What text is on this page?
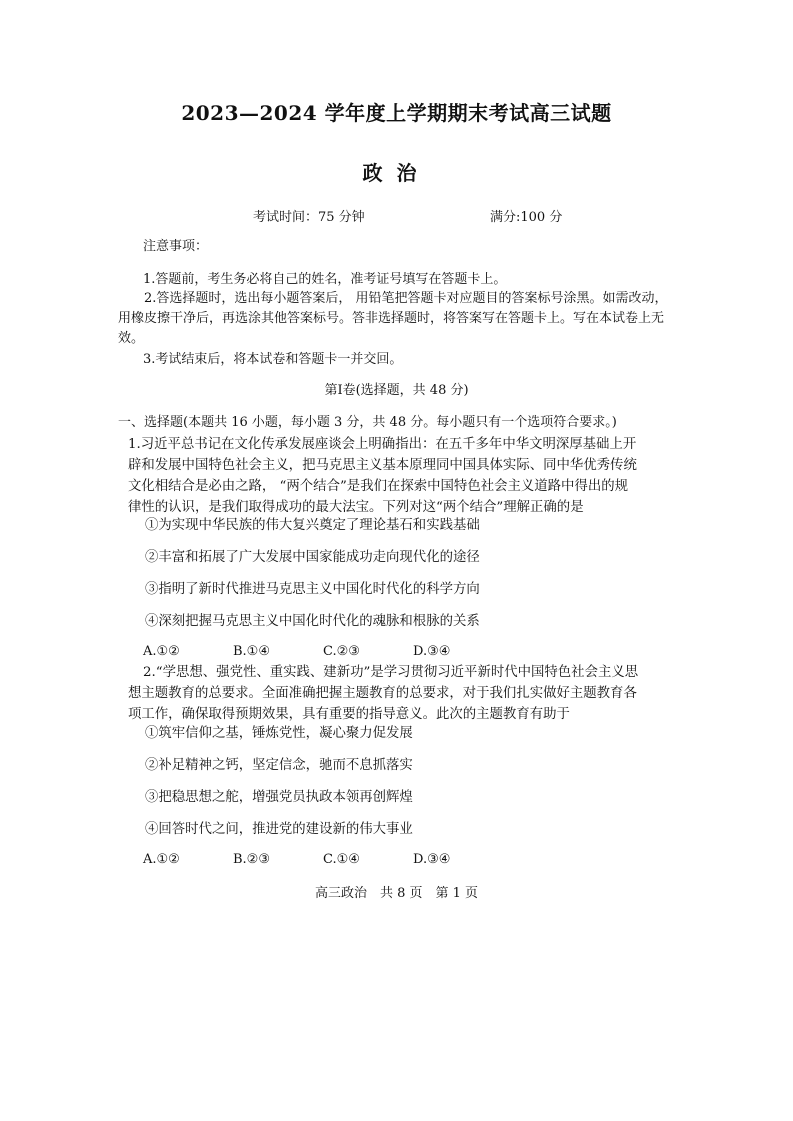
2023—2024 学年度上学期期末考试高三试题
政治

考试时间：75 分钟	满分:100 分

注意事项：

1.答题前，考生务必将自己的姓名，准考证号填写在答题卡上。

2.答选择题时，选出每小题答案后， 用铅笔把答题卡对应题目的答案标号涂黑。如需改动， 用橡皮擦干净后，再选涂其他答案标号。答非选择题时，将答案写在答题卡上。写在本试卷上无效。

3.考试结束后，将本试卷和答题卡一并交回。

第Ⅰ卷(选择题，共 48 分)

一、选择题(本题共 16 小题，每小题 3 分，共 48 分。每小题只有一个选项符合要求。)

1.习近平总书记在文化传承发展座谈会上明确指出：在五千多年中华文明深厚基础上开

辟和发展中国特色社会主义，把马克思主义基本原理同中国具体实际、同中华优秀传统

文化相结合是必由之路， “两个结合”是我们在探索中国特色社会主义道路中得出的规

律性的认识，是我们取得成功的最大法宝。下列对这“两个结合”理解正确的是

①为实现中华民族的伟大复兴奠定了理论基石和实践基础

②丰富和拓展了广大发展中国家能成功走向现代化的途径

③指明了新时代推进马克思主义中国化时代化的科学方向

④深刻把握马克思主义中国化时代化的魂脉和根脉的关系

A.①②	B.①④	C.②③	D.③④

2.“学思想、强党性、重实践、建新功”是学习贯彻习近平新时代中国特色社会主义思

想主题教育的总要求。全面准确把握主题教育的总要求，对于我们扎实做好主题教育各

项工作，确保取得预期效果，具有重要的指导意义。此次的主题教育有助于

①筑牢信仰之基，锤炼党性，凝心聚力促发展

②补足精神之钙，坚定信念，驰而不息抓落实

③把稳思想之舵，增强党员执政本领再创辉煌

④回答时代之问，推进党的建设新的伟大事业

A.①②	B.②③	C.①④	D.③④

高三政治　共 8 页　第 1 页
